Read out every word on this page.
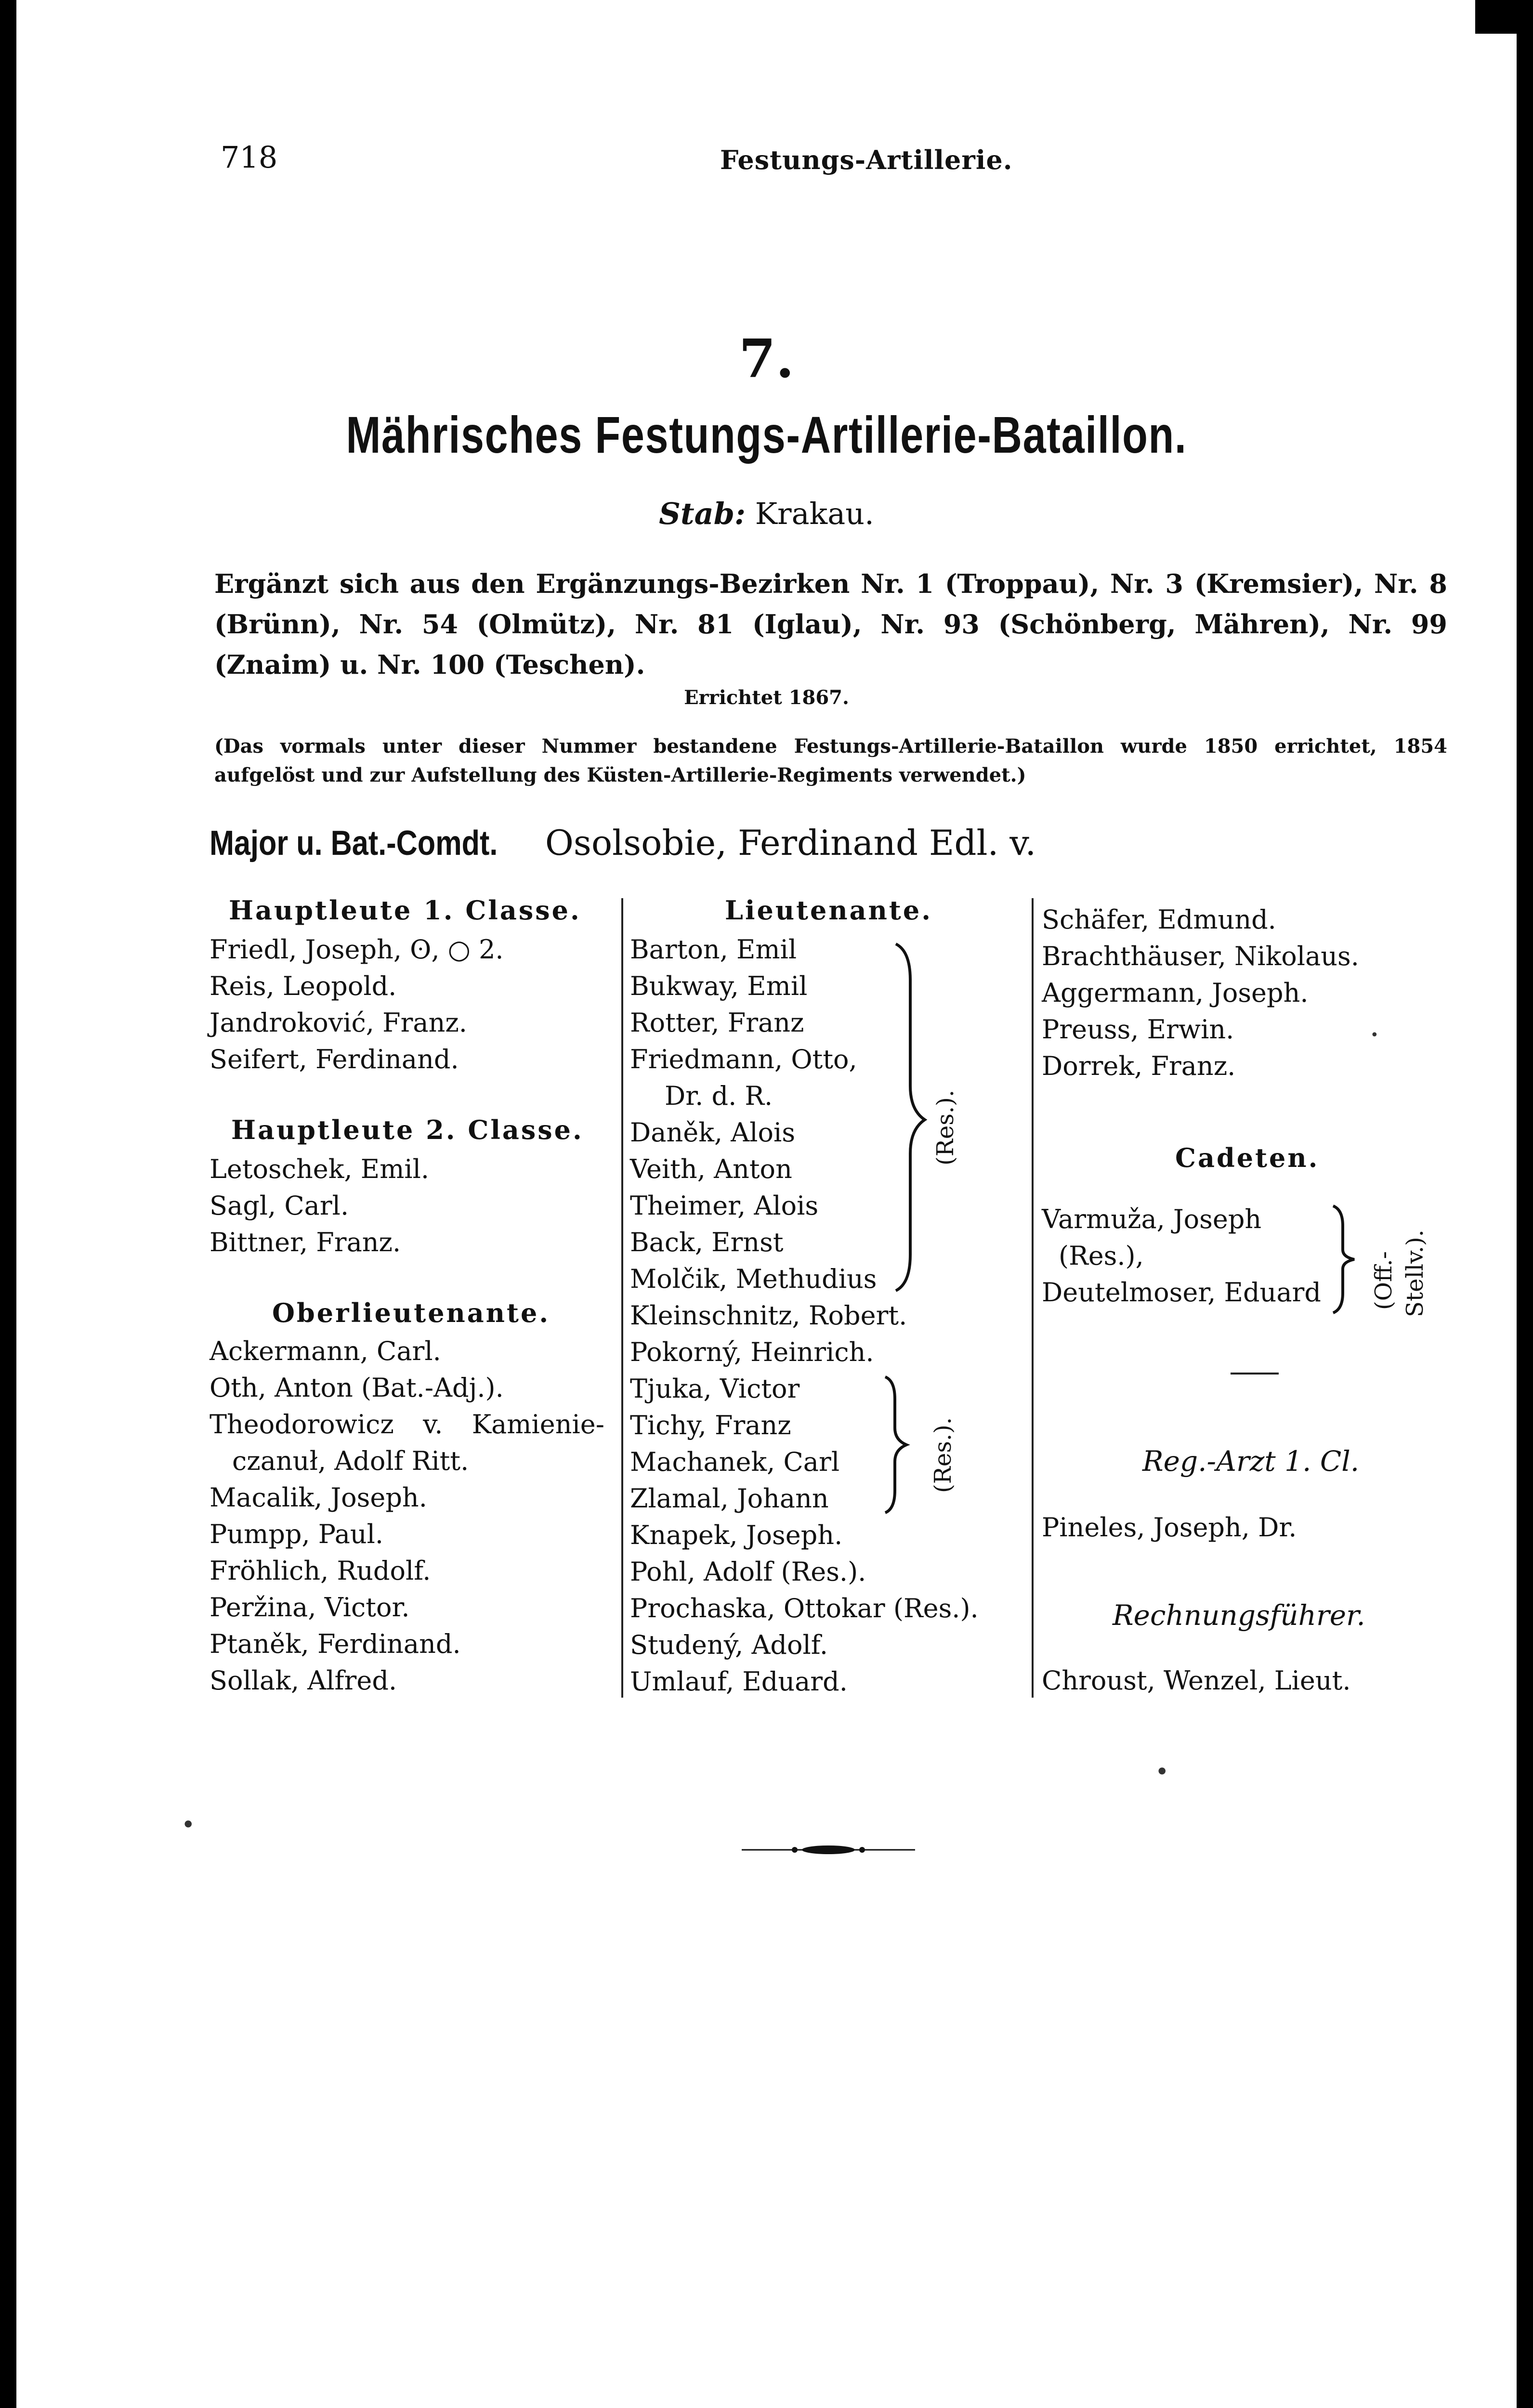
718	Festungs-Artillerie.
7.
Mährisches Festungs-Artillerie-Bataillon.
Stab: Krakau.
Ergänzt sich aus den Ergänzungs-Bezirken Nr. 1 (Troppau), Nr. 3 (Kremsier), Nr. 8 (Brünn), Nr. 54 (Olmütz), Nr. 81 (Iglau), Nr. 93 (Schönberg, Mähren), Nr. 99 (Znaim) u. Nr. 100 (Teschen).
Errichtet 1867.
(Das vormals unter dieser Nummer bestandene Festungs-Artillerie-Bataillon wurde 1850 errichtet, 1854 aufgelöst und zur Aufstellung des Küsten-Artillerie-Regiments verwendet.)
Major u. Bat.-Comdt. Osolsobie, Ferdinand Edl. v.
Hauptleute 1. Classe.
Friedl, Joseph, ʘ, ○ 2.
Reis, Leopold.
Jandroković, Franz.
Seifert, Ferdinand.
Hauptleute 2. Classe.
Letoschek, Emil.
Sagl, Carl.
Bittner, Franz.
Oberlieutenante.
Ackermann, Carl.
Oth, Anton (Bat.-Adj.).
Theodorowicz v. Kamienie-
czanuł, Adolf Ritt.
Macalik, Joseph.
Pumpp, Paul.
Fröhlich, Rudolf.
Peržina, Victor.
Ptaněk, Ferdinand.
Sollak, Alfred.
Lieutenante.
Barton, Emil
Bukway, Emil
Rotter, Franz
Friedmann, Otto,
Dr. d. R.
Daněk, Alois
Veith, Anton
Theimer, Alois
Back, Ernst
Molčik, Methudius
Kleinschnitz, Robert.
Pokorný, Heinrich.
Tjuka, Victor
Tichy, Franz
Machanek, Carl
Zlamal, Johann
Knapek, Joseph.
Pohl, Adolf (Res.).
Prochaska, Ottokar (Res.).
Studený, Adolf.
Umlauf, Eduard.
(Res.).
(Res.).
Schäfer, Edmund.
Brachthäuser, Nikolaus.
Aggermann, Joseph.
Preuss, Erwin.
Dorrek, Franz.
Cadeten.
Varmuža, Joseph
(Res.),
Deutelmoser, Eduard (Off.- Stellv.).
Reg.-Arzt 1. Cl.
Pineles, Joseph, Dr.
Rechnungsführer.
Chroust, Wenzel, Lieut.
•
•
•
